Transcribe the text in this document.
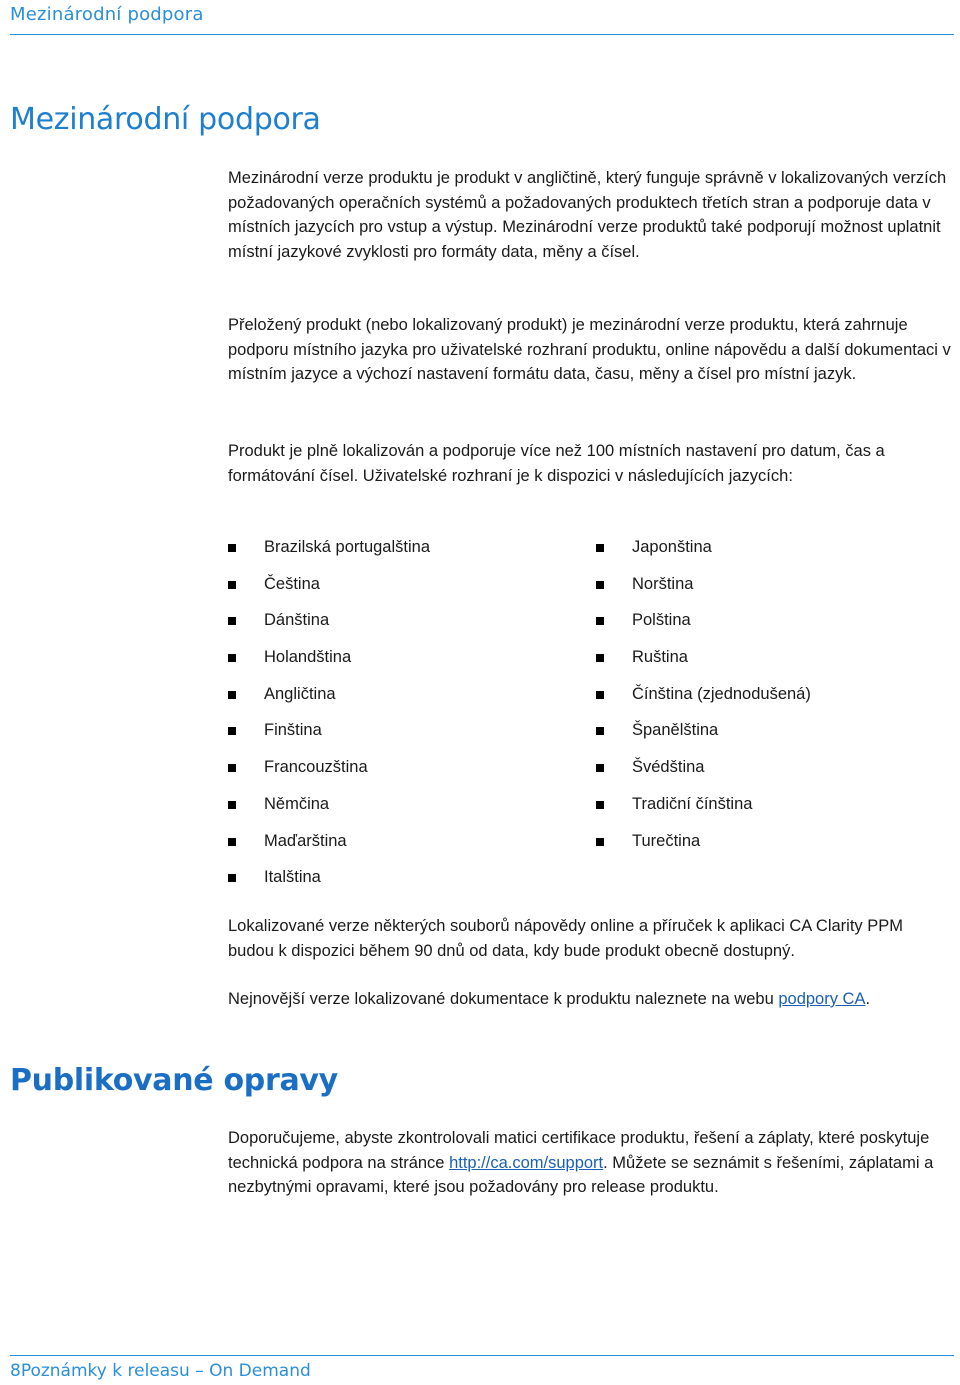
Mezinárodní podpora
Mezinárodní podpora

Mezinárodní verze produktu je produkt v angličtině, který funguje správně v lokalizovaných verzích požadovaných operačních systémů a požadovaných produktech třetích stran a podporuje data v místních jazycích pro vstup a výstup. Mezinárodní verze produktů také podporují možnost uplatnit místní jazykové zvyklosti pro formáty data, měny a čísel.

Přeložený produkt (nebo lokalizovaný produkt) je mezinárodní verze produktu, která zahrnuje podporu místního jazyka pro uživatelské rozhraní produktu, online nápovědu a další dokumentaci v místním jazyce a výchozí nastavení formátu data, času, měny a čísel pro místní jazyk.

Produkt je plně lokalizován a podporuje více než 100 místních nastavení pro datum, čas a formátování čísel. Uživatelské rozhraní je k dispozici v následujících jazycích:

Brazilská portugalština
Čeština
Dánština
Holandština
Angličtina
Finština
Francouzština
Němčina
Maďarština
Italština
Japonština
Norština
Polština
Ruština
Čínština (zjednodušená)
Španělština
Švédština
Tradiční čínština
Turečtina

Lokalizované verze některých souborů nápovědy online a příruček k aplikaci CA Clarity PPM budou k dispozici během 90 dnů od data, kdy bude produkt obecně dostupný.

Nejnovější verze lokalizované dokumentace k produktu naleznete na webu podpory CA.

Publikované opravy

Doporučujeme, abyste zkontrolovali matici certifikace produktu, řešení a záplaty, které poskytuje technická podpora na stránce http://ca.com/support. Můžete se seznámit s řešeními, záplatami a nezbytnými opravami, které jsou požadovány pro release produktu.

8Poznámky k releasu – On Demand
